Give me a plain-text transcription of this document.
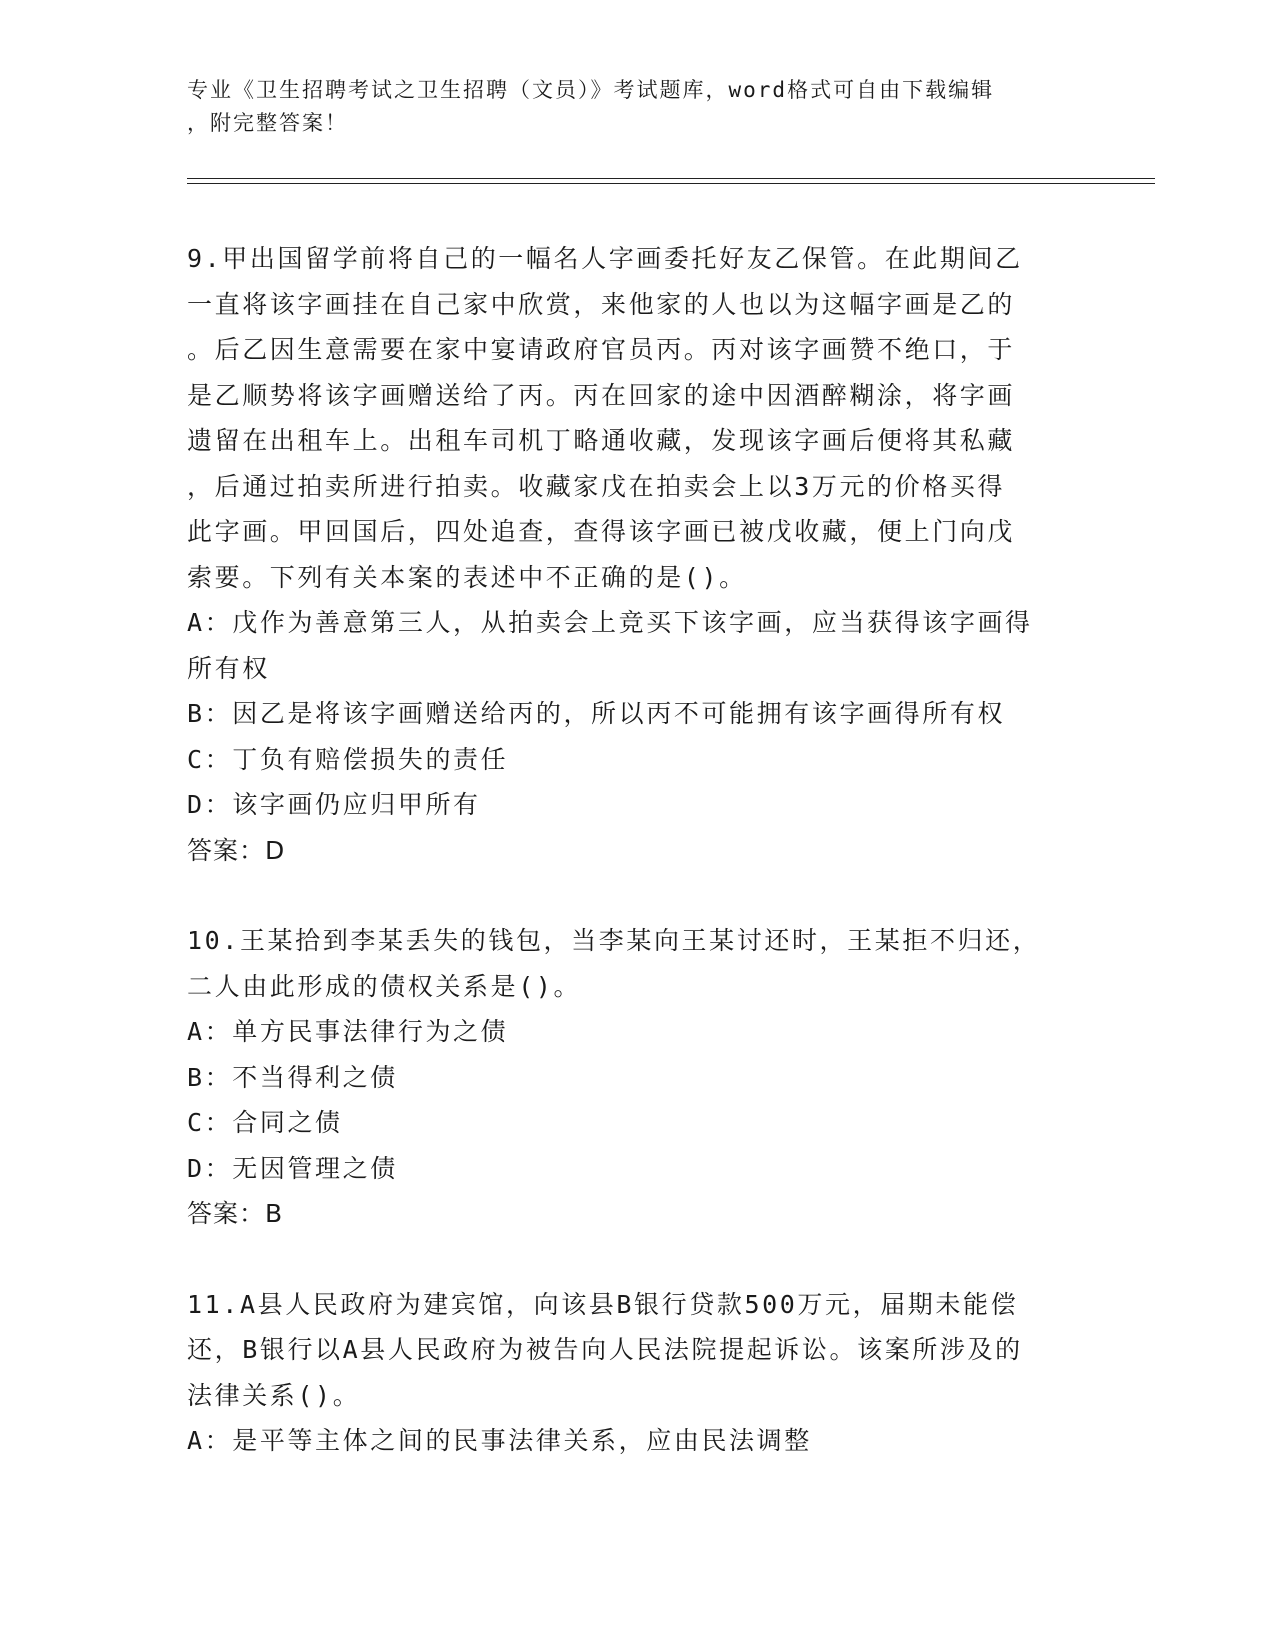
专业《卫生招聘考试之卫生招聘（文员）》考试题库，word格式可自由下载编辑
，附完整答案！
9.甲出国留学前将自己的一幅名人字画委托好友乙保管。在此期间乙
一直将该字画挂在自己家中欣赏，来他家的人也以为这幅字画是乙的
。后乙因生意需要在家中宴请政府官员丙。丙对该字画赞不绝口，于
是乙顺势将该字画赠送给了丙。丙在回家的途中因酒醉糊涂，将字画
遗留在出租车上。出租车司机丁略通收藏，发现该字画后便将其私藏
，后通过拍卖所进行拍卖。收藏家戊在拍卖会上以3万元的价格买得
此字画。甲回国后，四处追查，查得该字画已被戊收藏，便上门向戊
索要。下列有关本案的表述中不正确的是()。
A：戊作为善意第三人，从拍卖会上竞买下该字画，应当获得该字画得
所有权
B：因乙是将该字画赠送给丙的，所以丙不可能拥有该字画得所有权
C：丁负有赔偿损失的责任
D：该字画仍应归甲所有
答案：D
10.王某拾到李某丢失的钱包，当李某向王某讨还时，王某拒不归还，
二人由此形成的债权关系是()。
A：单方民事法律行为之债
B：不当得利之债
C：合同之债
D：无因管理之债
答案：B
11.A县人民政府为建宾馆，向该县B银行贷款500万元，届期未能偿
还，B银行以A县人民政府为被告向人民法院提起诉讼。该案所涉及的
法律关系()。
A：是平等主体之间的民事法律关系，应由民法调整
